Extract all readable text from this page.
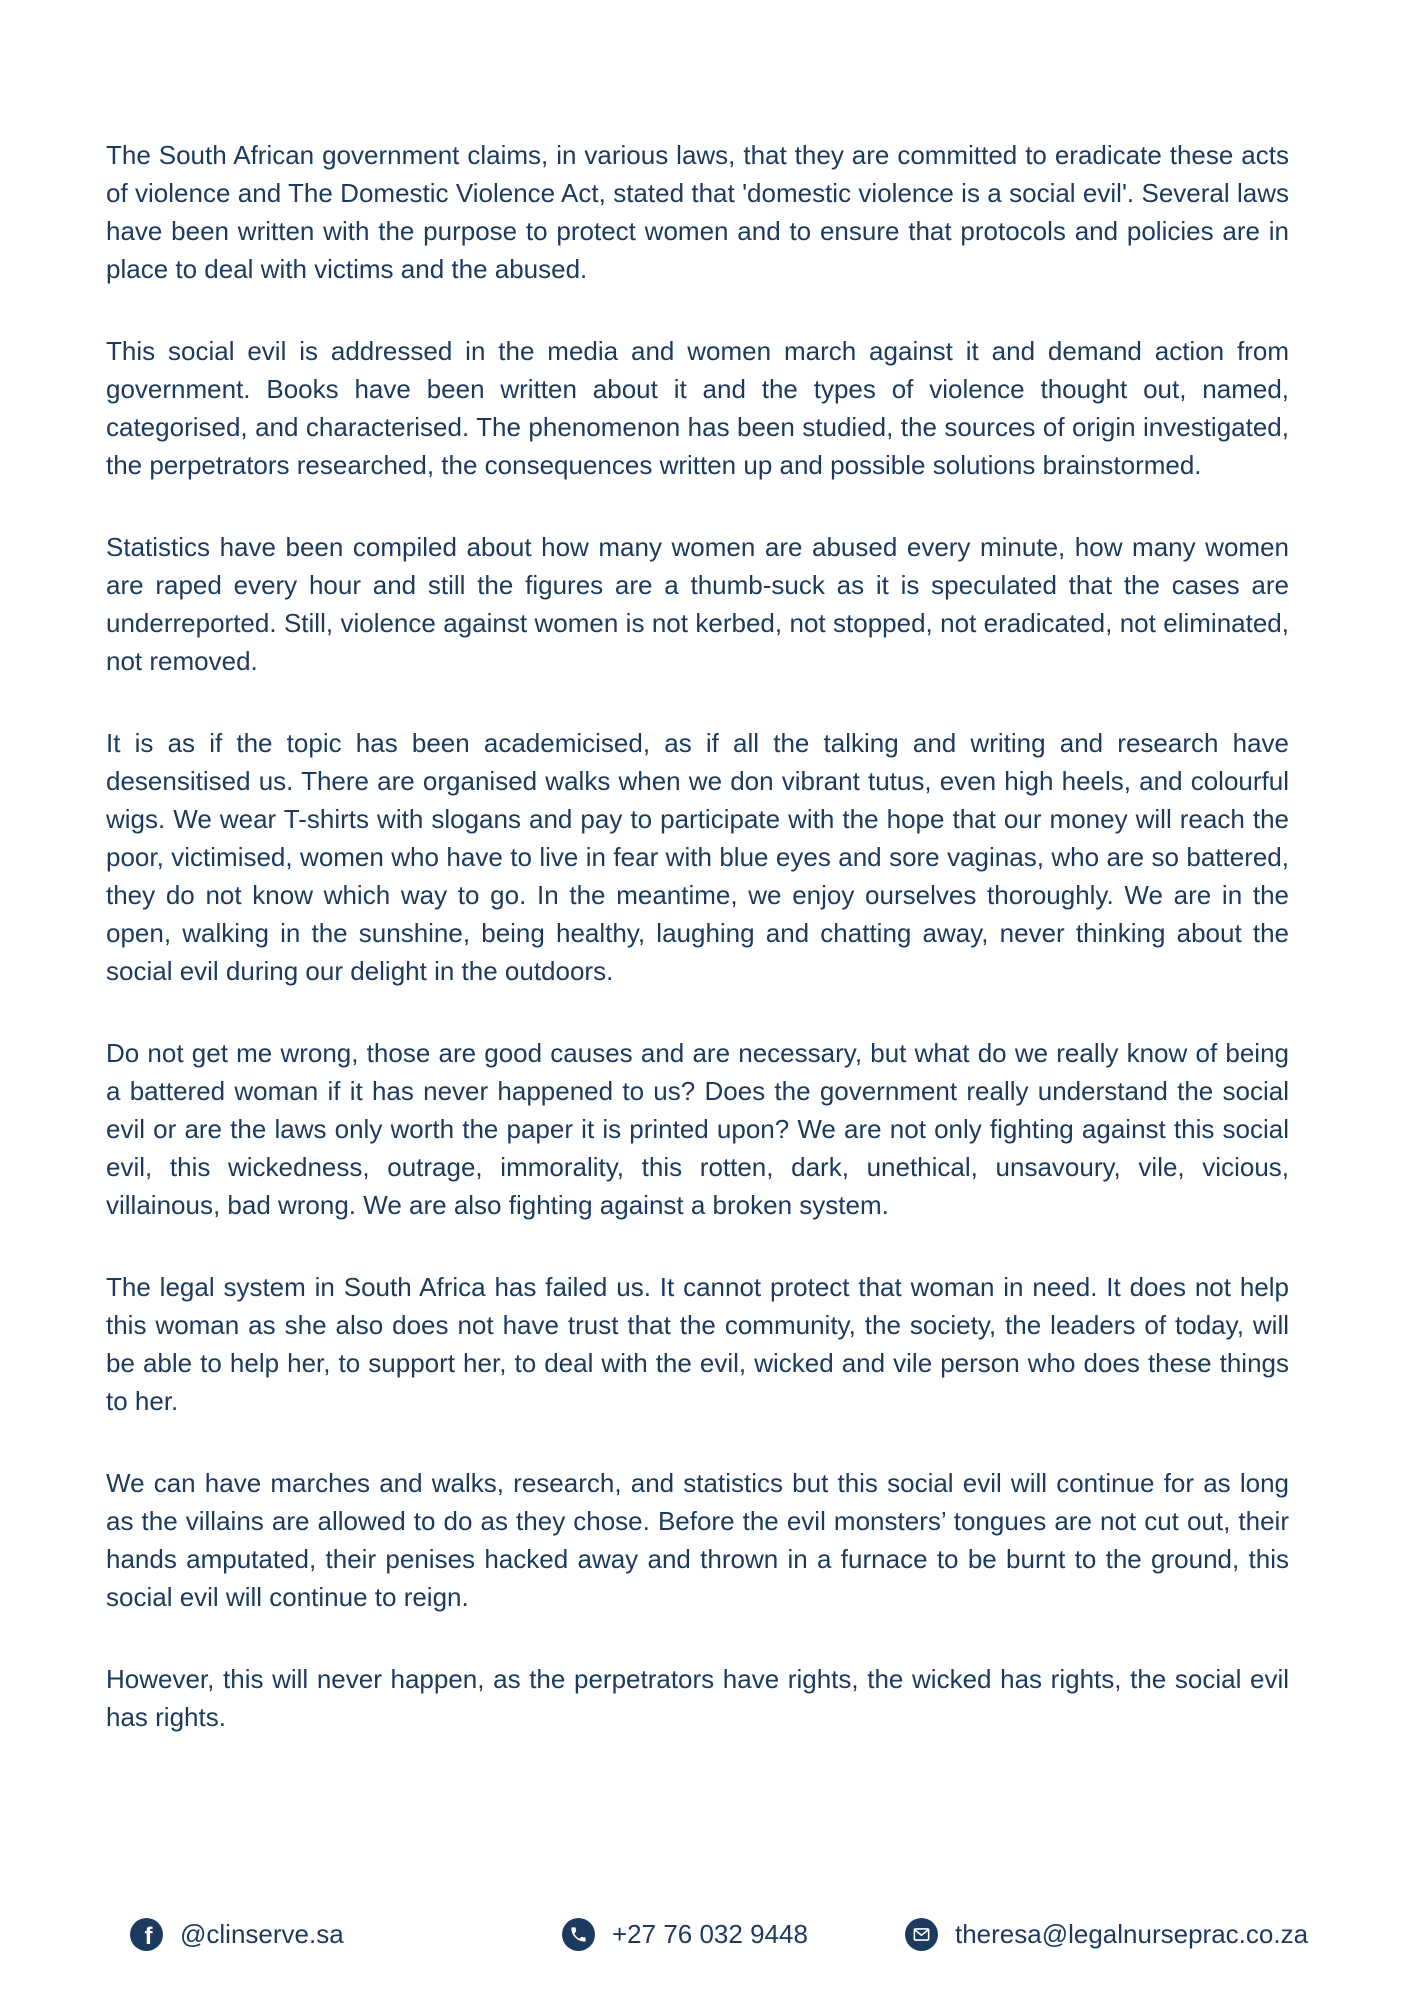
The South African government claims, in various laws, that they are committed to eradicate these acts of violence and The Domestic Violence Act, stated that 'domestic violence is a social evil'. Several laws have been written with the purpose to protect women and to ensure that protocols and policies are in place to deal with victims and the abused.

This social evil is addressed in the media and women march against it and demand action from government. Books have been written about it and the types of violence thought out, named, categorised, and characterised. The phenomenon has been studied, the sources of origin investigated, the perpetrators researched, the consequences written up and possible solutions brainstormed.

Statistics have been compiled about how many women are abused every minute, how many women are raped every hour and still the figures are a thumb-suck as it is speculated that the cases are underreported. Still, violence against women is not kerbed, not stopped, not eradicated, not eliminated, not removed.

It is as if the topic has been academicised, as if all the talking and writing and research have desensitised us. There are organised walks when we don vibrant tutus, even high heels, and colourful wigs. We wear T-shirts with slogans and pay to participate with the hope that our money will reach the poor, victimised, women who have to live in fear with blue eyes and sore vaginas, who are so battered, they do not know which way to go. In the meantime, we enjoy ourselves thoroughly. We are in the open, walking in the sunshine, being healthy, laughing and chatting away, never thinking about the social evil during our delight in the outdoors.

Do not get me wrong, those are good causes and are necessary, but what do we really know of being a battered woman if it has never happened to us? Does the government really understand the social evil or are the laws only worth the paper it is printed upon? We are not only fighting against this social evil, this wickedness, outrage, immorality, this rotten, dark, unethical, unsavoury, vile, vicious, villainous, bad wrong. We are also fighting against a broken system.

The legal system in South Africa has failed us. It cannot protect that woman in need. It does not help this woman as she also does not have trust that the community, the society, the leaders of today, will be able to help her, to support her, to deal with the evil, wicked and vile person who does these things to her.

We can have marches and walks, research, and statistics but this social evil will continue for as long as the villains are allowed to do as they chose. Before the evil monsters’ tongues are not cut out, their hands amputated, their penises hacked away and thrown in a furnace to be burnt to the ground, this social evil will continue to reign.

However, this will never happen, as the perpetrators have rights, the wicked has rights, the social evil has rights.

f @clinserve.sa	+27 76 032 9448	theresa@legalnurseprac.co.za
